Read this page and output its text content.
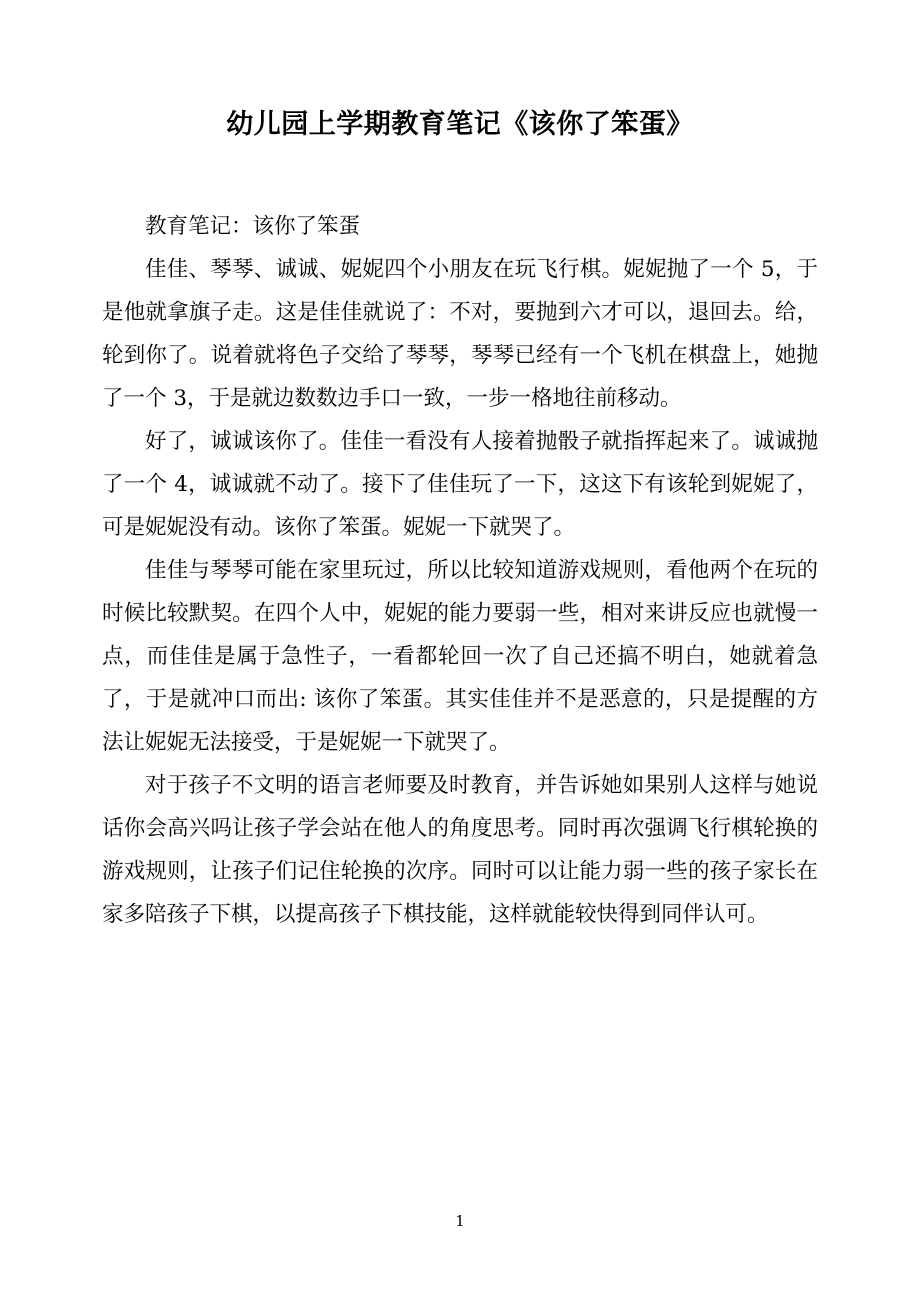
幼儿园上学期教育笔记《该你了笨蛋》

教育笔记：该你了笨蛋

佳佳、琴琴、诚诚、妮妮四个小朋友在玩飞行棋。妮妮抛了一个 5，于是他就拿旗子走。这是佳佳就说了：不对，要抛到六才可以，退回去。给，轮到你了。说着就将色子交给了琴琴，琴琴已经有一个飞机在棋盘上，她抛了一个 3，于是就边数数边手口一致，一步一格地往前移动。

好了，诚诚该你了。佳佳一看没有人接着抛骰子就指挥起来了。诚诚抛了一个 4，诚诚就不动了。接下了佳佳玩了一下，这这下有该轮到妮妮了，可是妮妮没有动。该你了笨蛋。妮妮一下就哭了。

佳佳与琴琴可能在家里玩过，所以比较知道游戏规则，看他两个在玩的时候比较默契。在四个人中，妮妮的能力要弱一些，相对来讲反应也就慢一点，而佳佳是属于急性子，一看都轮回一次了自己还搞不明白，她就着急了，于是就冲口而出: 该你了笨蛋。其实佳佳并不是恶意的，只是提醒的方法让妮妮无法接受，于是妮妮一下就哭了。

对于孩子不文明的语言老师要及时教育，并告诉她如果别人这样与她说话你会高兴吗让孩子学会站在他人的角度思考。同时再次强调飞行棋轮换的游戏规则，让孩子们记住轮换的次序。同时可以让能力弱一些的孩子家长在家多陪孩子下棋，以提高孩子下棋技能，这样就能较快得到同伴认可。

1
